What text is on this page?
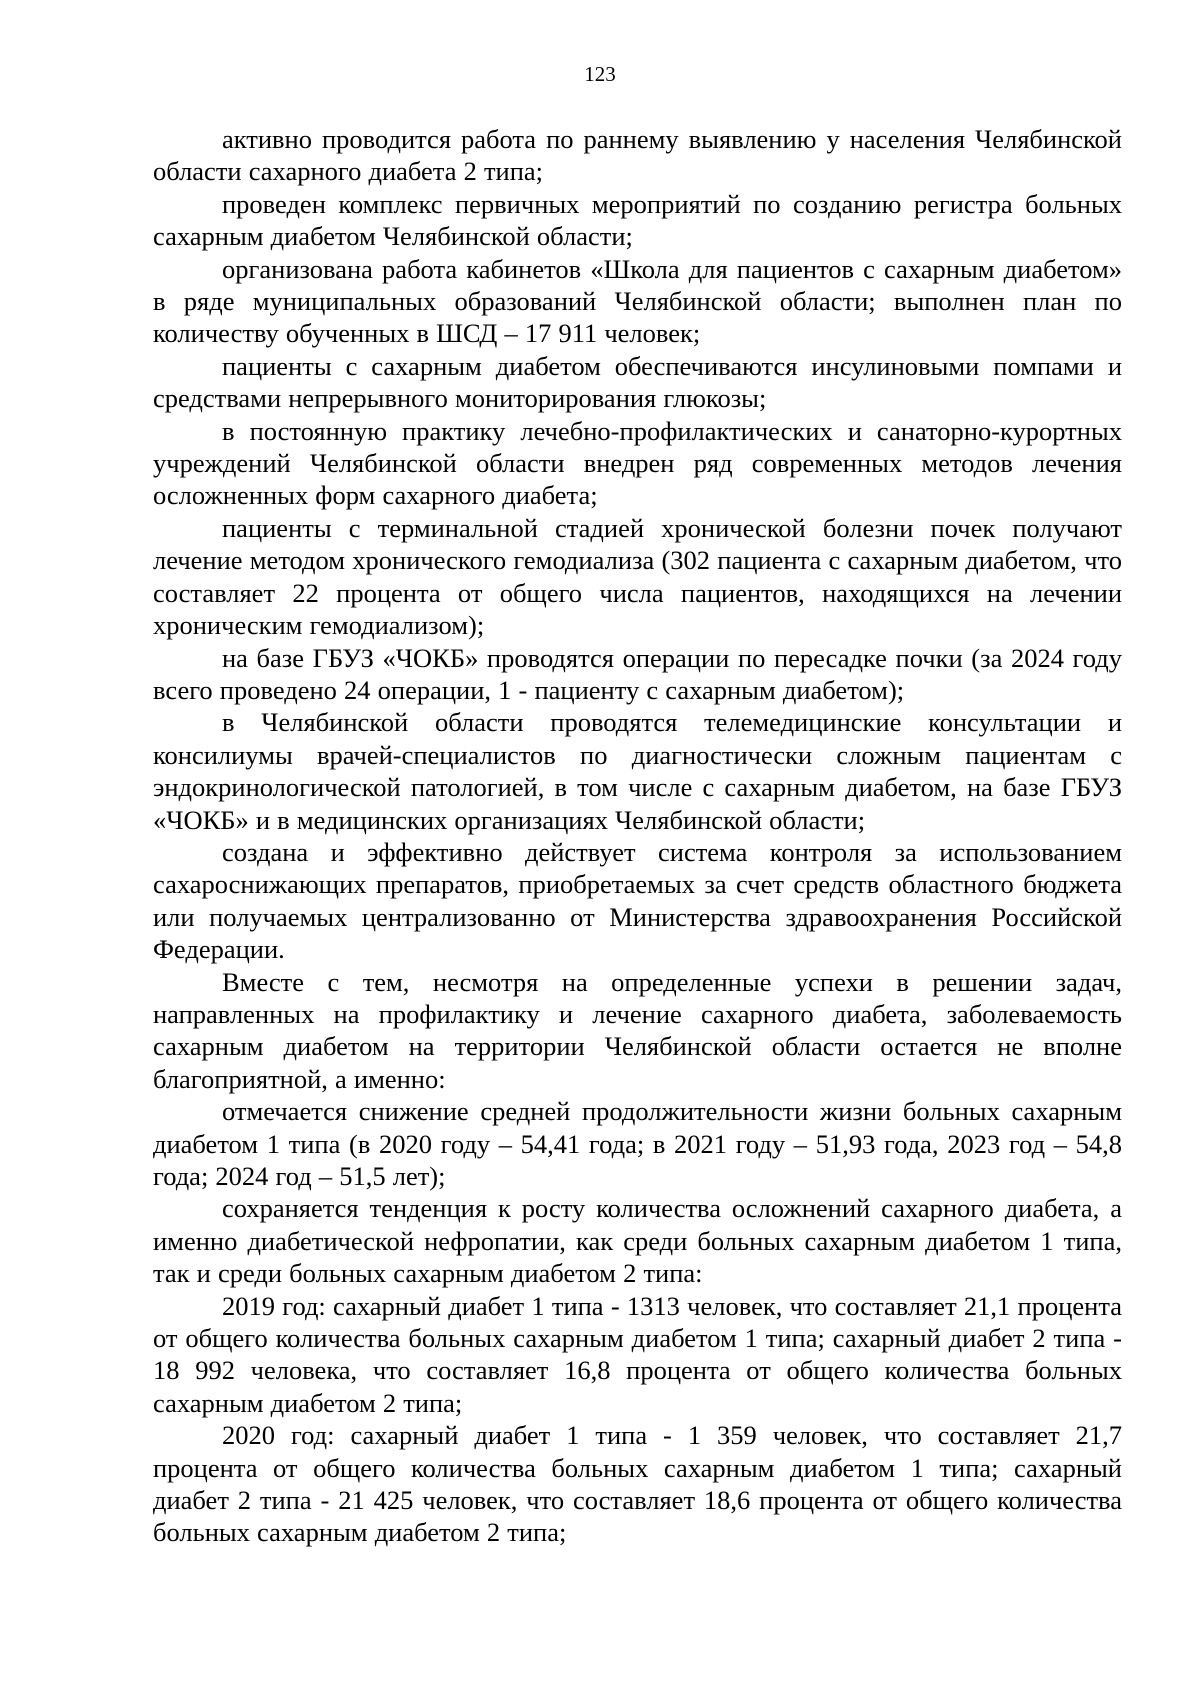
123

активно проводится работа по раннему выявлению у населения Челябинской области сахарного диабета 2 типа;

проведен комплекс первичных мероприятий по созданию регистра больных сахарным диабетом Челябинской области;

организована работа кабинетов «Школа для пациентов с сахарным диабетом» в ряде муниципальных образований Челябинской области; выполнен план по количеству обученных в ШСД – 17 911 человек;

пациенты с сахарным диабетом обеспечиваются инсулиновыми помпами и средствами непрерывного мониторирования глюкозы;

в постоянную практику лечебно-профилактических и санаторно-курортных учреждений Челябинской области внедрен ряд современных методов лечения осложненных форм сахарного диабета;

пациенты с терминальной стадией хронической болезни почек получают лечение методом хронического гемодиализа (302 пациента с сахарным диабетом, что составляет 22 процента от общего числа пациентов, находящихся на лечении хроническим гемодиализом);

на базе ГБУЗ «ЧОКБ» проводятся операции по пересадке почки (за 2024 году всего проведено 24 операции, 1 - пациенту с сахарным диабетом);

в Челябинской области проводятся телемедицинские консультации и консилиумы врачей-специалистов по диагностически сложным пациентам с эндокринологической патологией, в том числе с сахарным диабетом, на базе ГБУЗ «ЧОКБ» и в медицинских организациях Челябинской области;

создана и эффективно действует система контроля за использованием сахароснижающих препаратов, приобретаемых за счет средств областного бюджета или получаемых централизованно от Министерства здравоохранения Российской Федерации.

Вместе с тем, несмотря на определенные успехи в решении задач, направленных на профилактику и лечение сахарного диабета, заболеваемость сахарным диабетом на территории Челябинской области остается не вполне благоприятной, а именно:

отмечается снижение средней продолжительности жизни больных сахарным диабетом 1 типа (в 2020 году – 54,41 года; в 2021 году – 51,93 года, 2023 год – 54,8 года; 2024 год – 51,5 лет);

сохраняется тенденция к росту количества осложнений сахарного диабета, а именно диабетической нефропатии, как среди больных сахарным диабетом 1 типа, так и среди больных сахарным диабетом 2 типа:

2019 год: сахарный диабет 1 типа - 1313 человек, что составляет 21,1 процента от общего количества больных сахарным диабетом 1 типа; сахарный диабет 2 типа - 18 992 человека, что составляет 16,8 процента от общего количества больных сахарным диабетом 2 типа;

2020 год: сахарный диабет 1 типа - 1 359 человек, что составляет 21,7 процента от общего количества больных сахарным диабетом 1 типа; сахарный диабет 2 типа - 21 425 человек, что составляет 18,6 процента от общего количества больных сахарным диабетом 2 типа;
